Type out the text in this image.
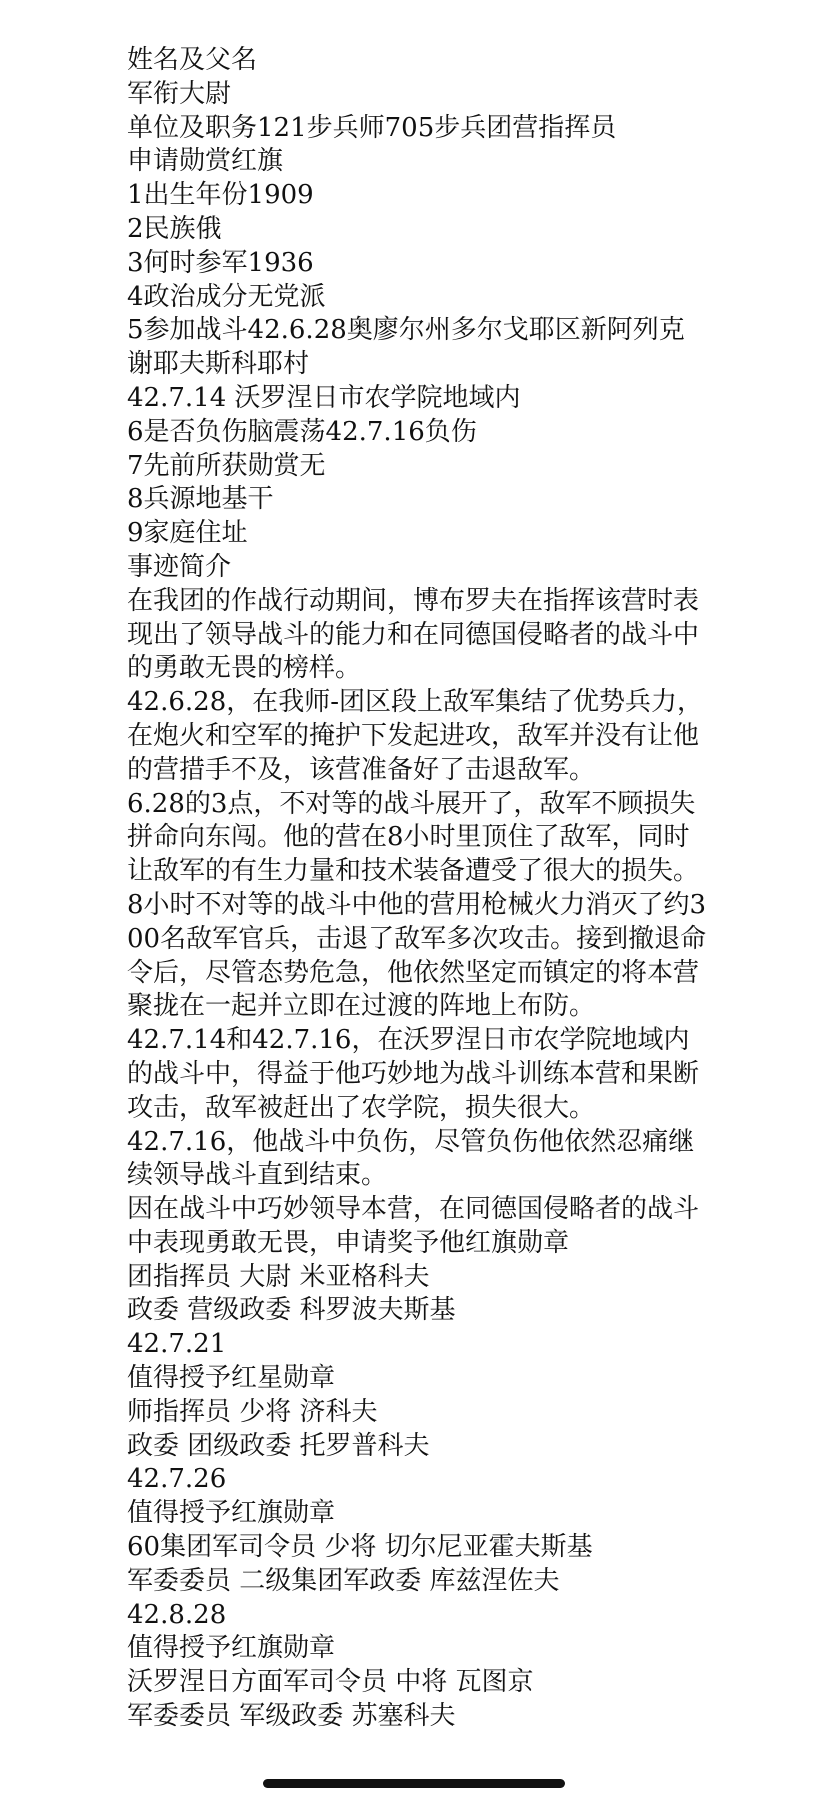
姓名及父名

军衔大尉

单位及职务121步兵师705步兵团营指挥员

申请勋赏红旗

1出生年份1909

2民族俄

3何时参军1936

4政治成分无党派

5参加战斗42.6.28奥廖尔州多尔戈耶区新阿列克谢耶夫斯科耶村

42.7.14 沃罗涅日市农学院地域内

6是否负伤脑震荡42.7.16负伤

7先前所获勋赏无

8兵源地基干

9家庭住址

事迹简介

在我团的作战行动期间，博布罗夫在指挥该营时表现出了领导战斗的能力和在同德国侵略者的战斗中的勇敢无畏的榜样。

42.6.28，在我师-团区段上敌军集结了优势兵力，在炮火和空军的掩护下发起进攻，敌军并没有让他的营措手不及，该营准备好了击退敌军。

6.28的3点，不对等的战斗展开了，敌军不顾损失拼命向东闯。他的营在8小时里顶住了敌军，同时让敌军的有生力量和技术装备遭受了很大的损失。8小时不对等的战斗中他的营用枪械火力消灭了约300名敌军官兵，击退了敌军多次攻击。接到撤退命令后，尽管态势危急，他依然坚定而镇定的将本营聚拢在一起并立即在过渡的阵地上布防。

42.7.14和42.7.16，在沃罗涅日市农学院地域内的战斗中，得益于他巧妙地为战斗训练本营和果断攻击，敌军被赶出了农学院，损失很大。

42.7.16，他战斗中负伤，尽管负伤他依然忍痛继续领导战斗直到结束。

因在战斗中巧妙领导本营，在同德国侵略者的战斗中表现勇敢无畏，申请奖予他红旗勋章

团指挥员 大尉 米亚格科夫

政委 营级政委 科罗波夫斯基

42.7.21

值得授予红星勋章

师指挥员 少将 济科夫

政委 团级政委 托罗普科夫

42.7.26

值得授予红旗勋章

60集团军司令员 少将 切尔尼亚霍夫斯基

军委委员 二级集团军政委 库兹涅佐夫

42.8.28

值得授予红旗勋章

沃罗涅日方面军司令员 中将 瓦图京

军委委员 军级政委 苏塞科夫
